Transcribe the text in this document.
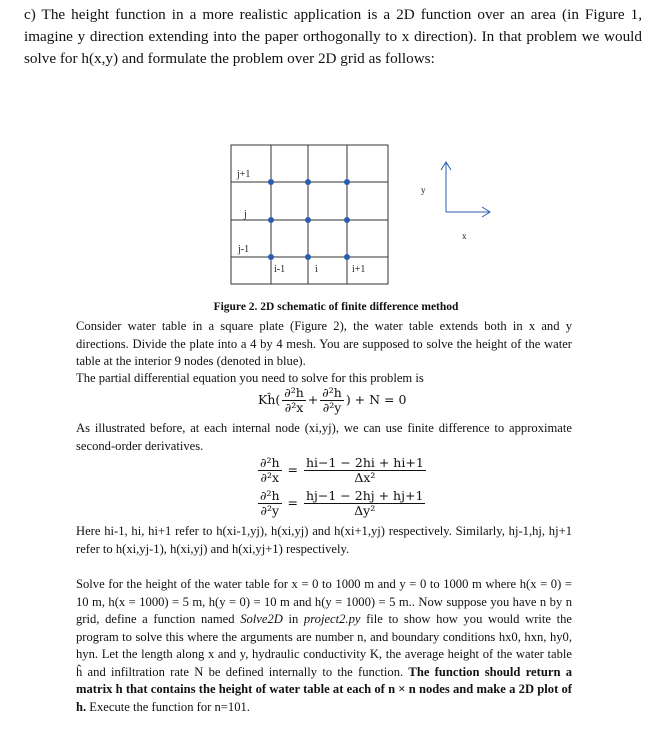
c) The height function in a more realistic application is a 2D function over an area (in Figure 1, imagine y direction extending into the paper orthogonally to x direction). In that problem we would solve for h(x,y) and formulate the problem over 2D grid as follows:

j+1
j
j-1
i-1	i	i+1
y
x
Figure 2. 2D schematic of finite difference method

Consider water table in a square plate (Figure 2), the water table extends both in x and y directions. Divide the plate into a 4 by 4 mesh. You are supposed to solve the height of the water table at the interior 9 nodes (denoted in blue).

The partial differential equation you need to solve for this problem is

Kĥ( $\frac{\text{∂²h}}{\text{∂²x}} + \frac{\text{∂²h}}{\text{∂²y}}$ ) + N = 0

As illustrated before, at each internal node (xi,yj), we can use finite difference to approximate second-order derivatives.

$\frac{\text{∂²h}}{\text{∂²x}} = \frac{hi-1 - 2hi + hi+1}{\text{Δx²}}$
$\frac{\text{∂²h}}{\text{∂²y}} = \frac{hj-1 - 2hj + hj+1}{\text{Δy²}}$

Here hi-1, hi, hi+1 refer to h(xi-1,yj), h(xi,yj) and h(xi+1,yj) respectively. Similarly, hj-1,hj, hj+1 refer to h(xi,yj-1), h(xi,yj) and h(xi,yj+1) respectively.

Solve for the height of the water table for x = 0 to 1000 m and y = 0 to 1000 m where h(x = 0) = 10 m, h(x = 1000) = 5 m, h(y = 0) = 10 m and h(y = 1000) = 5 m.. Now suppose you have n by n grid, define a function named Solve2D in project2.py file to show how you would write the program to solve this where the arguments are number n, and boundary conditions hx0, hxn, hy0, hyn. Let the length along x and y, hydraulic conductivity K, the average height of the water table ĥ and infiltration rate N be defined internally to the function. The function should return a matrix h that contains the height of water table at each of n × n nodes and make a 2D plot of h. Execute the function for n=101.
